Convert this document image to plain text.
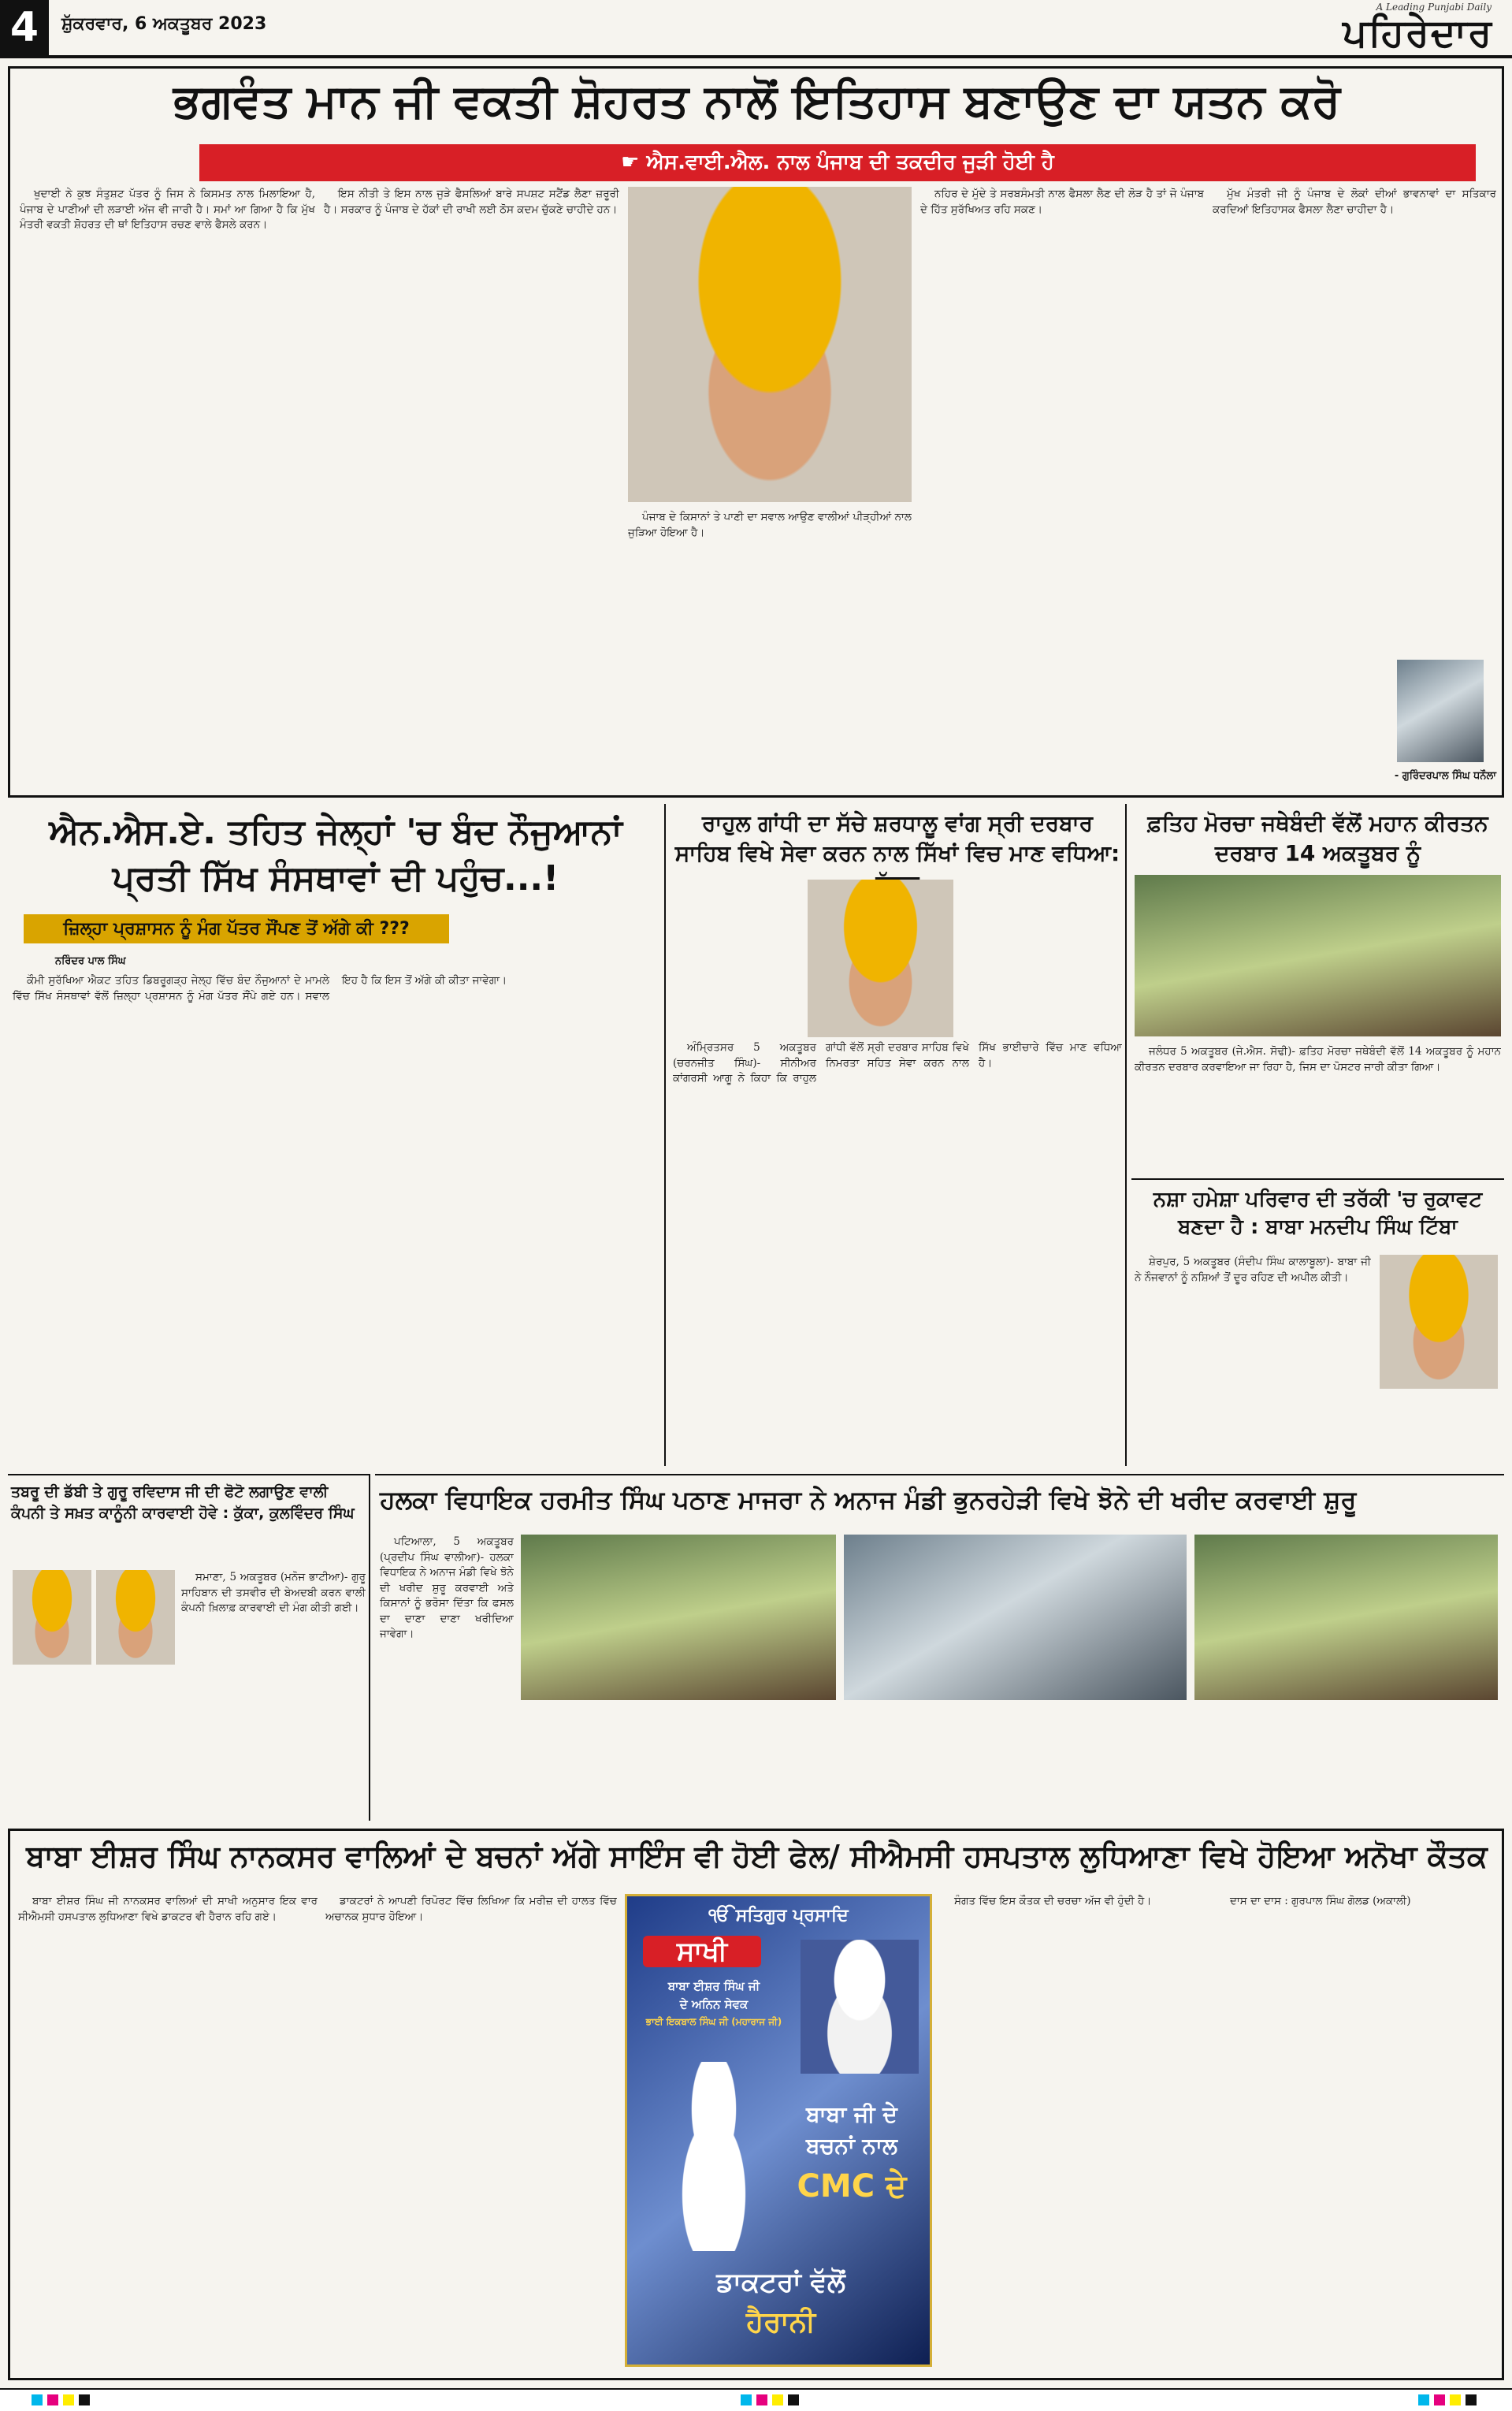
4	ਸ਼ੁੱਕਰਵਾਰ, 6 ਅਕਤੂਬਰ 2023
A Leading Punjabi Daily
ਪਹਿਰੇਦਾਰ
ਭਗਵੰਤ ਮਾਨ ਜੀ ਵਕਤੀ ਸ਼ੋਹਰਤ ਨਾਲੋਂ ਇਤਿਹਾਸ ਬਣਾਉਣ ਦਾ ਯਤਨ ਕਰੋ
☛ ਐਸ.ਵਾਈ.ਐਲ. ਨਾਲ ਪੰਜਾਬ ਦੀ ਤਕਦੀਰ ਜੁੜੀ ਹੋਈ ਹੈ

ਖੁਦਾਈ ਨੇ ਕੁਝ ਸੰਤੁਸ਼ਟ ਪੱਤਰ ਨੂੰ ਜਿਸ ਨੇ ਕਿਸਮਤ ਨਾਲ ਮਿਲਾਇਆ ਹੈ, ਪੰਜਾਬ ਦੇ ਪਾਣੀਆਂ ਦੀ ਲੜਾਈ ਅੱਜ ਵੀ ਜਾਰੀ ਹੈ। ਸਮਾਂ ਆ ਗਿਆ ਹੈ ਕਿ ਮੁੱਖ ਮੰਤਰੀ ਵਕਤੀ ਸ਼ੋਹਰਤ ਦੀ ਥਾਂ ਇਤਿਹਾਸ ਰਚਣ ਵਾਲੇ ਫੈਸਲੇ ਕਰਨ।

ਇਸ ਨੀਤੀ ਤੇ ਇਸ ਨਾਲ ਜੁੜੇ ਫੈਸਲਿਆਂ ਬਾਰੇ ਸਪਸ਼ਟ ਸਟੈਂਡ ਲੈਣਾ ਜ਼ਰੂਰੀ ਹੈ। ਸਰਕਾਰ ਨੂੰ ਪੰਜਾਬ ਦੇ ਹੱਕਾਂ ਦੀ ਰਾਖੀ ਲਈ ਠੋਸ ਕਦਮ ਚੁੱਕਣੇ ਚਾਹੀਦੇ ਹਨ।

ਪੰਜਾਬ ਦੇ ਕਿਸਾਨਾਂ ਤੇ ਪਾਣੀ ਦਾ ਸਵਾਲ ਆਉਣ ਵਾਲੀਆਂ ਪੀੜ੍ਹੀਆਂ ਨਾਲ ਜੁੜਿਆ ਹੋਇਆ ਹੈ।

ਨਹਿਰ ਦੇ ਮੁੱਦੇ ਤੇ ਸਰਬਸੰਮਤੀ ਨਾਲ ਫੈਸਲਾ ਲੈਣ ਦੀ ਲੋੜ ਹੈ ਤਾਂ ਜੋ ਪੰਜਾਬ ਦੇ ਹਿੱਤ ਸੁਰੱਖਿਅਤ ਰਹਿ ਸਕਣ।

ਮੁੱਖ ਮੰਤਰੀ ਜੀ ਨੂੰ ਪੰਜਾਬ ਦੇ ਲੋਕਾਂ ਦੀਆਂ ਭਾਵਨਾਵਾਂ ਦਾ ਸਤਿਕਾਰ ਕਰਦਿਆਂ ਇਤਿਹਾਸਕ ਫੈਸਲਾ ਲੈਣਾ ਚਾਹੀਦਾ ਹੈ।

- ਗੁਰਿੰਦਰਪਾਲ ਸਿੰਘ ਧਨੌਲਾ
ਐਨ.ਐਸ.ਏ. ਤਹਿਤ ਜੇਲ੍ਹਾਂ 'ਚ ਬੰਦ ਨੌਜੁਆਨਾਂ ਪ੍ਰਤੀ ਸਿੱਖ ਸੰਸਥਾਵਾਂ ਦੀ ਪਹੁੰਚ...!
ਜ਼ਿਲ੍ਹਾ ਪ੍ਰਸ਼ਾਸਨ ਨੂੰ ਮੰਗ ਪੱਤਰ ਸੌਂਪਣ ਤੋਂ ਅੱਗੇ ਕੀ ???
ਨਰਿੰਦਰ ਪਾਲ ਸਿੰਘ

ਕੌਮੀ ਸੁਰੱਖਿਆ ਐਕਟ ਤਹਿਤ ਡਿਬਰੂਗੜ੍ਹ ਜੇਲ੍ਹ ਵਿੱਚ ਬੰਦ ਨੌਜੁਆਨਾਂ ਦੇ ਮਾਮਲੇ ਵਿੱਚ ਸਿੱਖ ਸੰਸਥਾਵਾਂ ਵੱਲੋਂ ਜ਼ਿਲ੍ਹਾ ਪ੍ਰਸ਼ਾਸਨ ਨੂੰ ਮੰਗ ਪੱਤਰ ਸੌਂਪੇ ਗਏ ਹਨ। ਸਵਾਲ ਇਹ ਹੈ ਕਿ ਇਸ ਤੋਂ ਅੱਗੇ ਕੀ ਕੀਤਾ ਜਾਵੇਗਾ।

ਰਾਹੁਲ ਗਾਂਧੀ ਦਾ ਸੱਚੇ ਸ਼ਰਧਾਲੂ ਵਾਂਗ ਸ੍ਰੀ ਦਰਬਾਰ ਸਾਹਿਬ ਵਿਖੇ ਸੇਵਾ ਕਰਨ ਨਾਲ ਸਿੱਖਾਂ ਵਿਚ ਮਾਣ ਵਧਿਆ:

ਅੰਮ੍ਰਿਤਸਰ 5 ਅਕਤੂਬਰ (ਚਰਨਜੀਤ ਸਿੰਘ)- ਸੀਨੀਅਰ ਕਾਂਗਰਸੀ ਆਗੂ ਨੇ ਕਿਹਾ ਕਿ ਰਾਹੁਲ ਗਾਂਧੀ ਵੱਲੋਂ ਸ੍ਰੀ ਦਰਬਾਰ ਸਾਹਿਬ ਵਿਖੇ ਨਿਮਰਤਾ ਸਹਿਤ ਸੇਵਾ ਕਰਨ ਨਾਲ ਸਿੱਖ ਭਾਈਚਾਰੇ ਵਿੱਚ ਮਾਣ ਵਧਿਆ ਹੈ।

ਫ਼ਤਿਹ ਮੋਰਚਾ ਜਥੇਬੰਦੀ ਵੱਲੋਂ ਮਹਾਨ ਕੀਰਤਨ ਦਰਬਾਰ 14 ਅਕਤੂਬਰ ਨੂੰ

ਜਲੰਧਰ 5 ਅਕਤੂਬਰ (ਜੇ.ਐਸ. ਸੋਢੀ)- ਫ਼ਤਿਹ ਮੋਰਚਾ ਜਥੇਬੰਦੀ ਵੱਲੋਂ 14 ਅਕਤੂਬਰ ਨੂੰ ਮਹਾਨ ਕੀਰਤਨ ਦਰਬਾਰ ਕਰਵਾਇਆ ਜਾ ਰਿਹਾ ਹੈ, ਜਿਸ ਦਾ ਪੋਸਟਰ ਜਾਰੀ ਕੀਤਾ ਗਿਆ।

ਨਸ਼ਾ ਹਮੇਸ਼ਾ ਪਰਿਵਾਰ ਦੀ ਤਰੱਕੀ 'ਚ ਰੁਕਾਵਟ ਬਣਦਾ ਹੈ : ਬਾਬਾ ਮਨਦੀਪ ਸਿੰਘ ਟਿੱਬਾ

ਸ਼ੇਰਪੁਰ, 5 ਅਕਤੂਬਰ (ਸੰਦੀਪ ਸਿੰਘ ਕਾਲਾਬੂਲਾ)- ਬਾਬਾ ਜੀ ਨੇ ਨੌਜਵਾਨਾਂ ਨੂੰ ਨਸ਼ਿਆਂ ਤੋਂ ਦੂਰ ਰਹਿਣ ਦੀ ਅਪੀਲ ਕੀਤੀ।

ਤਬਰੂ ਦੀ ਡੱਬੀ ਤੇ ਗੁਰੂ ਰਵਿਦਾਸ ਜੀ ਦੀ ਫੋਟੋ ਲਗਾਉਣ ਵਾਲੀ ਕੰਪਨੀ ਤੇ ਸਖ਼ਤ ਕਾਨੂੰਨੀ ਕਾਰਵਾਈ ਹੋਵੇ : ਕੁੱਕਾ, ਕੁਲਵਿੰਦਰ ਸਿੰਘ

ਸਮਾਣਾ, 5 ਅਕਤੂਬਰ (ਮਨੋਜ ਭਾਟੀਆ)- ਗੁਰੂ ਸਾਹਿਬਾਨ ਦੀ ਤਸਵੀਰ ਦੀ ਬੇਅਦਬੀ ਕਰਨ ਵਾਲੀ ਕੰਪਨੀ ਖ਼ਿਲਾਫ਼ ਕਾਰਵਾਈ ਦੀ ਮੰਗ ਕੀਤੀ ਗਈ।

ਹਲਕਾ ਵਿਧਾਇਕ ਹਰਮੀਤ ਸਿੰਘ ਪਠਾਣ ਮਾਜਰਾ ਨੇ ਅਨਾਜ ਮੰਡੀ ਭੁਨਰਹੇੜੀ ਵਿਖੇ ਝੋਨੇ ਦੀ ਖਰੀਦ ਕਰਵਾਈ ਸ਼ੁਰੂ

ਪਟਿਆਲਾ, 5 ਅਕਤੂਬਰ (ਪ੍ਰਦੀਪ ਸਿੰਘ ਵਾਲੀਆ)- ਹਲਕਾ ਵਿਧਾਇਕ ਨੇ ਅਨਾਜ ਮੰਡੀ ਵਿਖੇ ਝੋਨੇ ਦੀ ਖਰੀਦ ਸ਼ੁਰੂ ਕਰਵਾਈ ਅਤੇ ਕਿਸਾਨਾਂ ਨੂੰ ਭਰੋਸਾ ਦਿੱਤਾ ਕਿ ਫਸਲ ਦਾ ਦਾਣਾ ਦਾਣਾ ਖਰੀਦਿਆ ਜਾਵੇਗਾ।

ਬਾਬਾ ਈਸ਼ਰ ਸਿੰਘ ਨਾਨਕਸਰ ਵਾਲਿਆਂ ਦੇ ਬਚਨਾਂ ਅੱਗੇ ਸਾਇੰਸ ਵੀ ਹੋਈ ਫੇਲ/ ਸੀਐਮਸੀ ਹਸਪਤਾਲ ਲੁਧਿਆਣਾ ਵਿਖੇ ਹੋਇਆ ਅਨੋਖਾ ਕੌਤਕ

ਬਾਬਾ ਈਸ਼ਰ ਸਿੰਘ ਜੀ ਨਾਨਕਸਰ ਵਾਲਿਆਂ ਦੀ ਸਾਖੀ ਅਨੁਸਾਰ ਇਕ ਵਾਰ ਸੀਐਮਸੀ ਹਸਪਤਾਲ ਲੁਧਿਆਣਾ ਵਿਖੇ ਡਾਕਟਰ ਵੀ ਹੈਰਾਨ ਰਹਿ ਗਏ।

ਡਾਕਟਰਾਂ ਨੇ ਆਪਣੀ ਰਿਪੋਰਟ ਵਿੱਚ ਲਿਖਿਆ ਕਿ ਮਰੀਜ਼ ਦੀ ਹਾਲਤ ਵਿੱਚ ਅਚਾਨਕ ਸੁਧਾਰ ਹੋਇਆ।	ੴ ਸਤਿਗੁਰ ਪ੍ਰਸਾਦਿ
ਸਾਖੀ
ਬਾਬਾ ਈਸ਼ਰ ਸਿੰਘ ਜੀ
ਦੇ ਅਨਿਨ ਸੇਵਕ
ਭਾਈ ਇਕਬਾਲ ਸਿੰਘ ਜੀ (ਮਹਾਰਾਜ ਜੀ)
ਬਾਬਾ ਜੀ ਦੇ
ਬਚਨਾਂ ਨਾਲ
CMC ਦੇ
ਡਾਕਟਰਾਂ ਵੱਲੋਂ
ਹੈਰਾਨੀ

ਸੰਗਤ ਵਿੱਚ ਇਸ ਕੌਤਕ ਦੀ ਚਰਚਾ ਅੱਜ ਵੀ ਹੁੰਦੀ ਹੈ।	ਦਾਸ ਦਾ ਦਾਸ : ਗੁਰਪਾਲ ਸਿੰਘ ਗੋਲਡ (ਅਕਾਲੀ)
